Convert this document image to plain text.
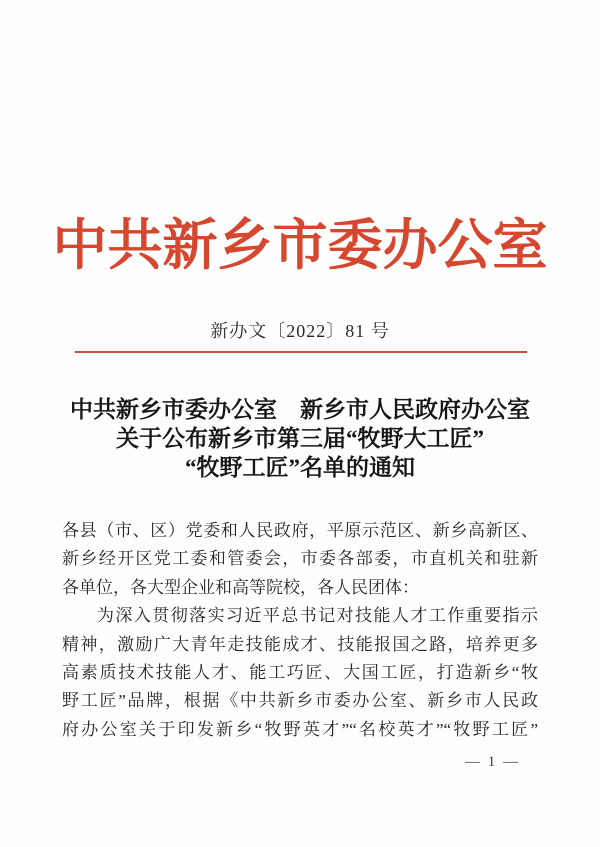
中共新乡市委办公室
新办文〔2022〕81 号
中共新乡市委办公室　新乡市人民政府办公室
关于公布新乡市第三届“牧野大工匠”
“牧野工匠”名单的通知
各县（市、区）党委和人民政府，平原示范区、新乡高新区、
新乡经开区党工委和管委会，市委各部委，市直机关和驻新
各单位，各大型企业和高等院校，各人民团体：
为深入贯彻落实习近平总书记对技能人才工作重要指示
精神，激励广大青年走技能成才、技能报国之路，培养更多
高素质技术技能人才、能工巧匠、大国工匠，打造新乡“牧
野工匠”品牌，根据《中共新乡市委办公室、新乡市人民政
府办公室关于印发新乡“牧野英才”“名校英才”“牧野工匠”
— 1 —
